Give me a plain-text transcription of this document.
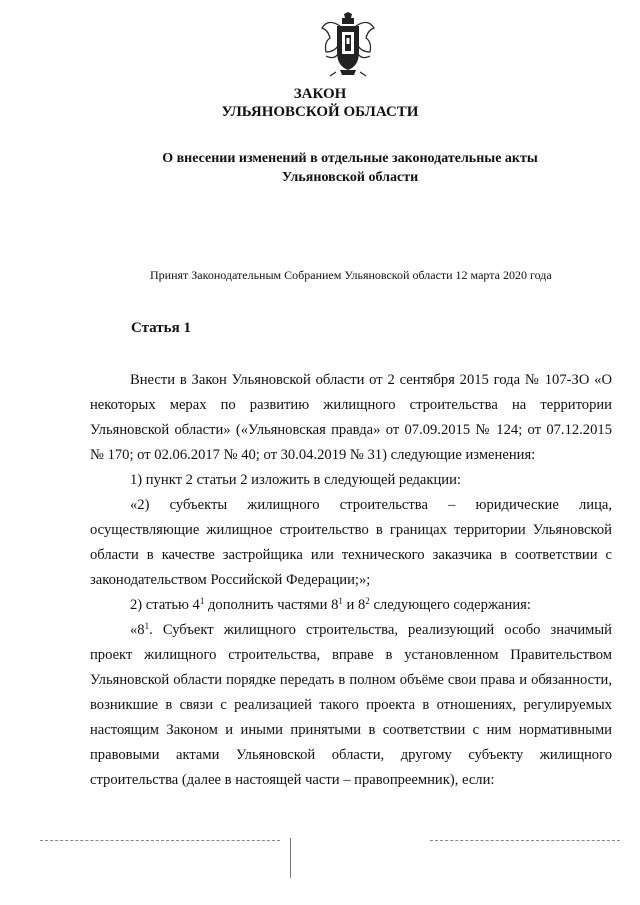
ЗАКОН
УЛЬЯНОВСКОЙ ОБЛАСТИ
О внесении изменений в отдельные законодательные акты
Ульяновской области
Принят Законодательным Собранием Ульяновской области 12 марта 2020 года
Статья 1

Внести в Закон Ульяновской области от 2 сентября 2015 года № 107-ЗО «О некоторых мерах по развитию жилищного строительства на территории Ульяновской области» («Ульяновская правда» от 07.09.2015 № 124; от 07.12.2015 № 170; от 02.06.2017 № 40; от 30.04.2019 № 31) следующие изменения:

1) пункт 2 статьи 2 изложить в следующей редакции:

«2) субъекты жилищного строительства – юридические лица, осуществляющие жилищное строительство в границах территории Ульяновской области в качестве застройщика или технического заказчика в соответствии с законодательством Российской Федерации;»;

2) статью $4^1$ дополнить частями $8^1$ и $8^2$ следующего содержания:

«$8^1$. Субъект жилищного строительства, реализующий особо значимый проект жилищного строительства, вправе в установленном Правительством Ульяновской области порядке передать в полном объёме свои права и обязанности, возникшие в связи с реализацией такого проекта в отношениях, регулируемых настоящим Законом и иными принятыми в соответствии с ним нормативными правовыми актами Ульяновской области, другому субъекту жилищного строительства (далее в настоящей части – правопреемник), если:
